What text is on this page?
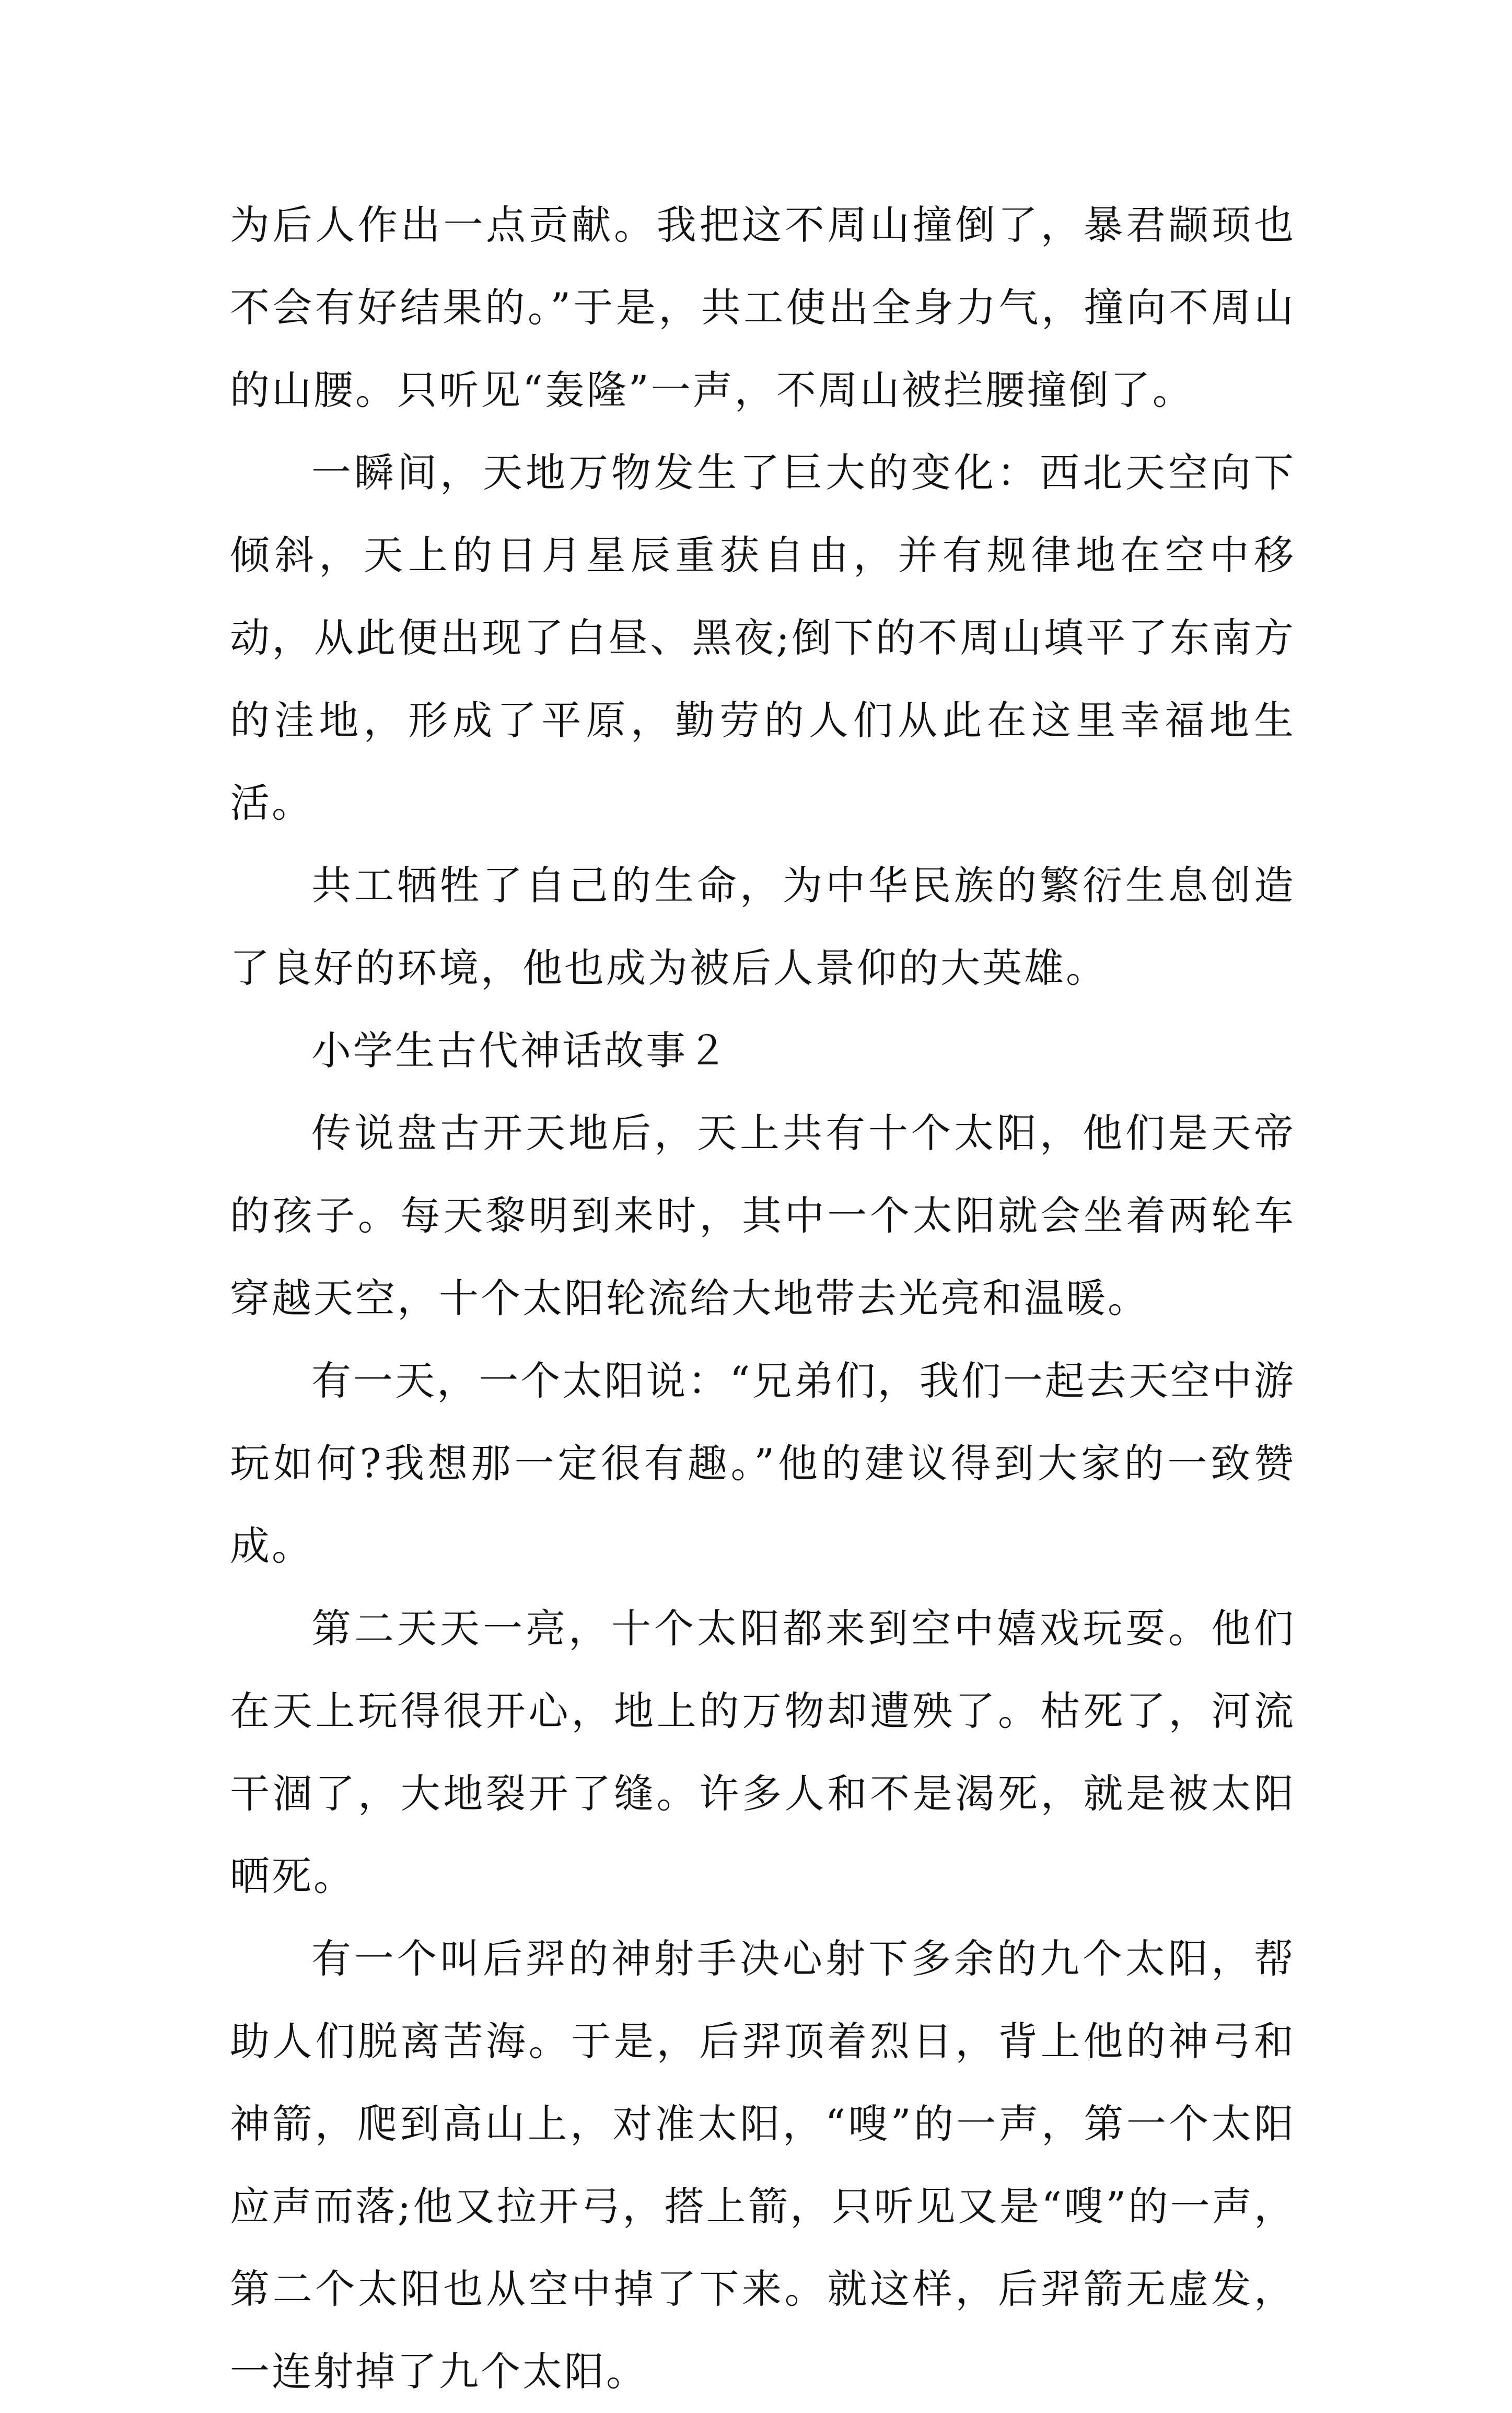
为后人作出一点贡献。我把这不周山撞倒了，暴君颛顼也不会有好结果的。”于是，共工使出全身力气，撞向不周山的山腰。只听见“轰隆”一声，不周山被拦腰撞倒了。

一瞬间，天地万物发生了巨大的变化：西北天空向下倾斜，天上的日月星辰重获自由，并有规律地在空中移动，从此便出现了白昼、黑夜;倒下的不周山填平了东南方的洼地，形成了平原，勤劳的人们从此在这里幸福地生活。

共工牺牲了自己的生命，为中华民族的繁衍生息创造了良好的环境，他也成为被后人景仰的大英雄。

小学生古代神话故事２

传说盘古开天地后，天上共有十个太阳，他们是天帝的孩子。每天黎明到来时，其中一个太阳就会坐着两轮车穿越天空，十个太阳轮流给大地带去光亮和温暖。

有一天，一个太阳说：“兄弟们，我们一起去天空中游玩如何?我想那一定很有趣。”他的建议得到大家的一致赞成。

第二天天一亮，十个太阳都来到空中嬉戏玩耍。他们在天上玩得很开心，地上的万物却遭殃了。枯死了，河流干涸了，大地裂开了缝。许多人和不是渴死，就是被太阳晒死。

有一个叫后羿的神射手决心射下多余的九个太阳，帮助人们脱离苦海。于是，后羿顶着烈日，背上他的神弓和神箭，爬到高山上，对准太阳，“嗖”的一声，第一个太阳应声而落;他又拉开弓，搭上箭，只听见又是“嗖”的一声，第二个太阳也从空中掉了下来。就这样，后羿箭无虚发，一连射掉了九个太阳。
